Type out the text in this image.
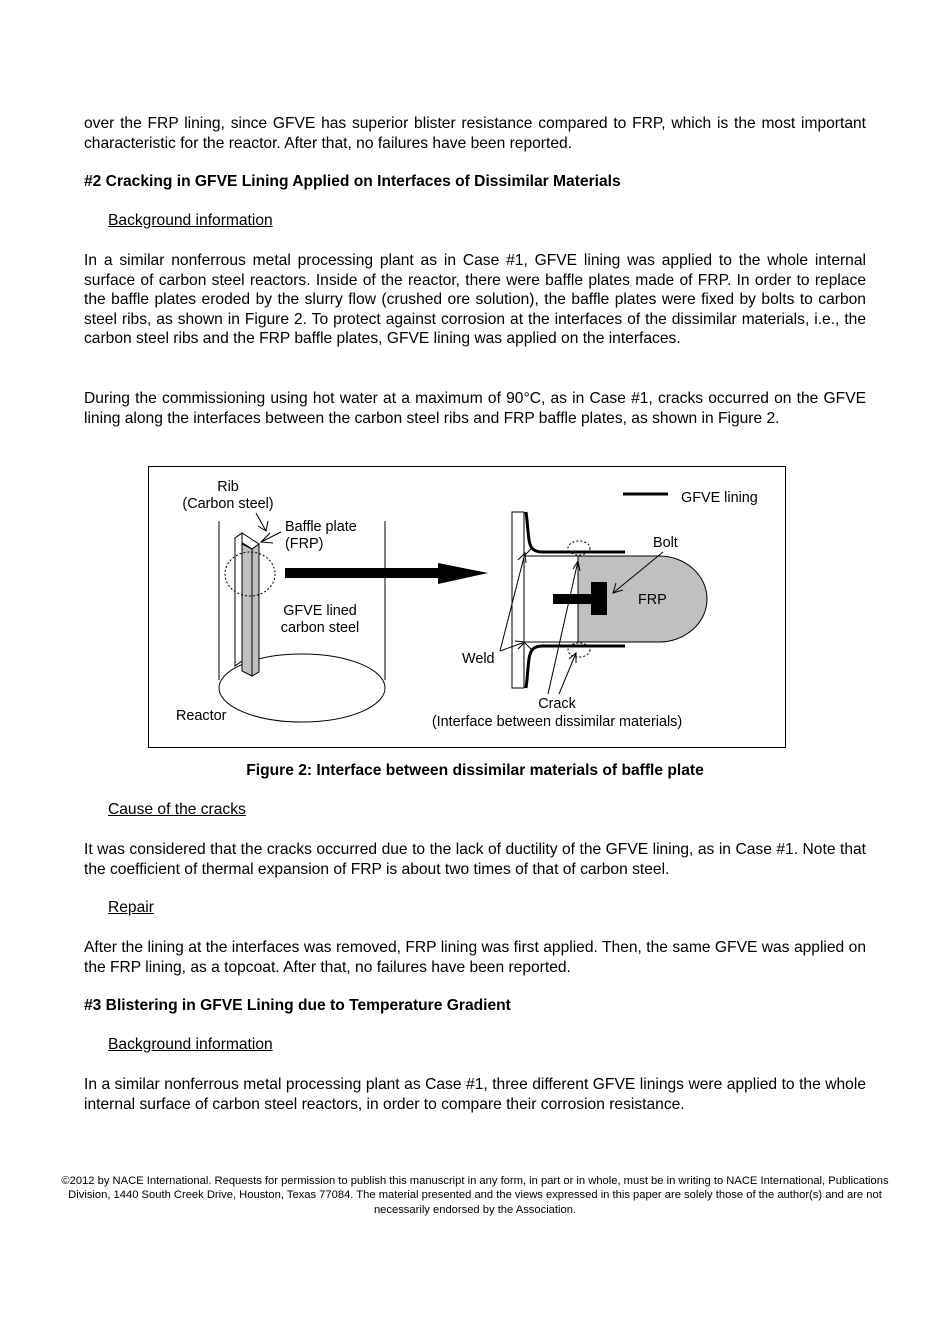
over the FRP lining, since GFVE has superior blister resistance compared to FRP, which is the most important characteristic for the reactor. After that, no failures have been reported.

#2 Cracking in GFVE Lining Applied on Interfaces of Dissimilar Materials

Background information

In a similar nonferrous metal processing plant as in Case #1, GFVE lining was applied to the whole internal surface of carbon steel reactors. Inside of the reactor, there were baffle plates made of FRP. In order to replace the baffle plates eroded by the slurry flow (crushed ore solution), the baffle plates were fixed by bolts to carbon steel ribs, as shown in Figure 2. To protect against corrosion at the interfaces of the dissimilar materials, i.e., the carbon steel ribs and the FRP baffle plates, GFVE lining was applied on the interfaces.

During the commissioning using hot water at a maximum of 90°C, as in Case #1, cracks occurred on the GFVE lining along the interfaces between the carbon steel ribs and FRP baffle plates, as shown in Figure 2.

Rib
(Carbon steel)
Baffle plate
(FRP)
GFVE lined
carbon steel
Reactor
GFVE lining
Bolt
FRP
Weld
Crack
(Interface between dissimilar materials)

Figure 2: Interface between dissimilar materials of baffle plate

Cause of the cracks

It was considered that the cracks occurred due to the lack of ductility of the GFVE lining, as in Case #1. Note that the coefficient of thermal expansion of FRP is about two times of that of carbon steel.

Repair

After the lining at the interfaces was removed, FRP lining was first applied. Then, the same GFVE was applied on the FRP lining, as a topcoat. After that, no failures have been reported.

#3 Blistering in GFVE Lining due to Temperature Gradient

Background information

In a similar nonferrous metal processing plant as Case #1, three different GFVE linings were applied to the whole internal surface of carbon steel reactors, in order to compare their corrosion resistance.

©2012 by NACE International. Requests for permission to publish this manuscript in any form, in part or in whole, must be in writing to NACE International, Publications Division, 1440 South Creek Drive, Houston, Texas 77084. The material presented and the views expressed in this paper are solely those of the author(s) and are not necessarily endorsed by the Association.
